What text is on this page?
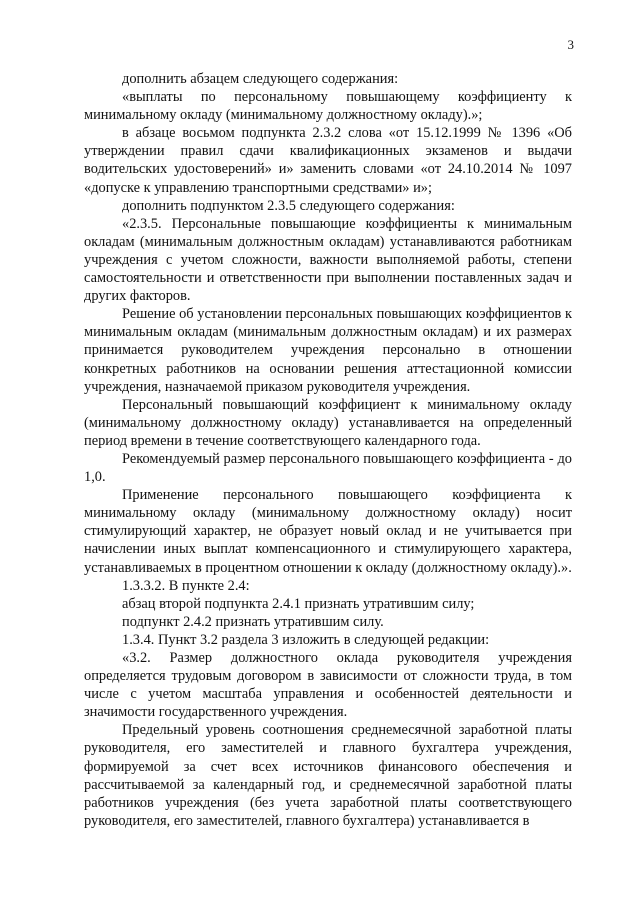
3

дополнить абзацем следующего содержания:

«выплаты по персональному повышающему коэффициенту к минимальному окладу (минимальному должностному окладу).»;

в абзаце восьмом подпункта 2.3.2 слова «от 15.12.1999 № 1396 «Об утверждении правил сдачи квалификационных экзаменов и выдачи водительских удостоверений» и» заменить словами «от 24.10.2014 № 1097 «допуске к управлению транспортными средствами» и»;

дополнить подпунктом 2.3.5 следующего содержания:

«2.3.5. Персональные повышающие коэффициенты к минимальным окладам (минимальным должностным окладам) устанавливаются работникам учреждения с учетом сложности, важности выполняемой работы, степени самостоятельности и ответственности при выполнении поставленных задач и других факторов.

Решение об установлении персональных повышающих коэффициентов к минимальным окладам (минимальным должностным окладам) и их размерах принимается руководителем учреждения персонально в отношении конкретных работников на основании решения аттестационной комиссии учреждения, назначаемой приказом руководителя учреждения.

Персональный повышающий коэффициент к минимальному окладу (минимальному должностному окладу) устанавливается на определенный период времени в течение соответствующего календарного года.

Рекомендуемый размер персонального повышающего коэффициента - до 1,0.

Применение персонального повышающего коэффициента к минимальному окладу (минимальному должностному окладу) носит стимулирующий характер, не образует новый оклад и не учитывается при начислении иных выплат компенсационного и стимулирующего характера, устанавливаемых в процентном отношении к окладу (должностному окладу).».

1.3.3.2. В пункте 2.4:

абзац второй подпункта 2.4.1 признать утратившим силу;

подпункт 2.4.2 признать утратившим силу.

1.3.4. Пункт 3.2 раздела 3 изложить в следующей редакции:

«3.2. Размер должностного оклада руководителя учреждения определяется трудовым договором в зависимости от сложности труда, в том числе с учетом масштаба управления и особенностей деятельности и значимости государственного учреждения.

Предельный уровень соотношения среднемесячной заработной платы руководителя, его заместителей и главного бухгалтера учреждения, формируемой за счет всех источников финансового обеспечения и рассчитываемой за календарный год, и среднемесячной заработной платы работников учреждения (без учета заработной платы соответствующего руководителя, его заместителей, главного бухгалтера) устанавливается в
